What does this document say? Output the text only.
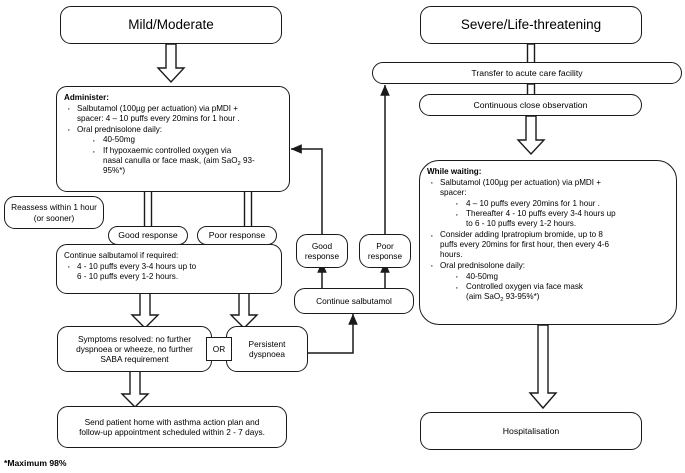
Mild/Moderate
Administer:
· Salbutamol (100µg per actuation) via pMDI +
spacer: 4 – 10 puffs every 20mins for 1 hour .
· Oral prednisolone daily:
· 40-50mg
· If hypoxaemic controlled oxygen via
nasal canulla or face mask, (aim SaO$_2$ 93-
95%*)
Reassess within 1 hour
(or sooner)
Good response	Poor response
Continue salbutamol if required:
· 4 - 10 puffs every 3-4 hours up to
6 - 10 puffs every 1-2 hours.
Symptoms resolved: no further
dyspnoea or wheeze, no further
SABA requirement
OR
Persistent
dyspnoea
Send patient home with asthma action plan and
follow-up appointment scheduled within 2 - 7 days.
Good
response
Poor
response
Continue salbutamol
Severe/Life-threatening
Transfer to acute care facility
Continuous close observation
While waiting:
· Salbutamol (100µg per actuation) via pMDI +
spacer:
· 4 – 10 puffs every 20mins for 1 hour .
· Thereafter 4 - 10 puffs every 3-4 hours up
to 6 - 10 puffs every 1-2 hours.
· Consider adding Ipratropium bromide, up to 8
puffs every 20mins for first hour, then every 4-6
hours.
· Oral prednisolone daily:
· 40-50mg
· Controlled oxygen via face mask
(aim SaO$_2$ 93-95%*)
Hospitalisation
*Maximum 98%
